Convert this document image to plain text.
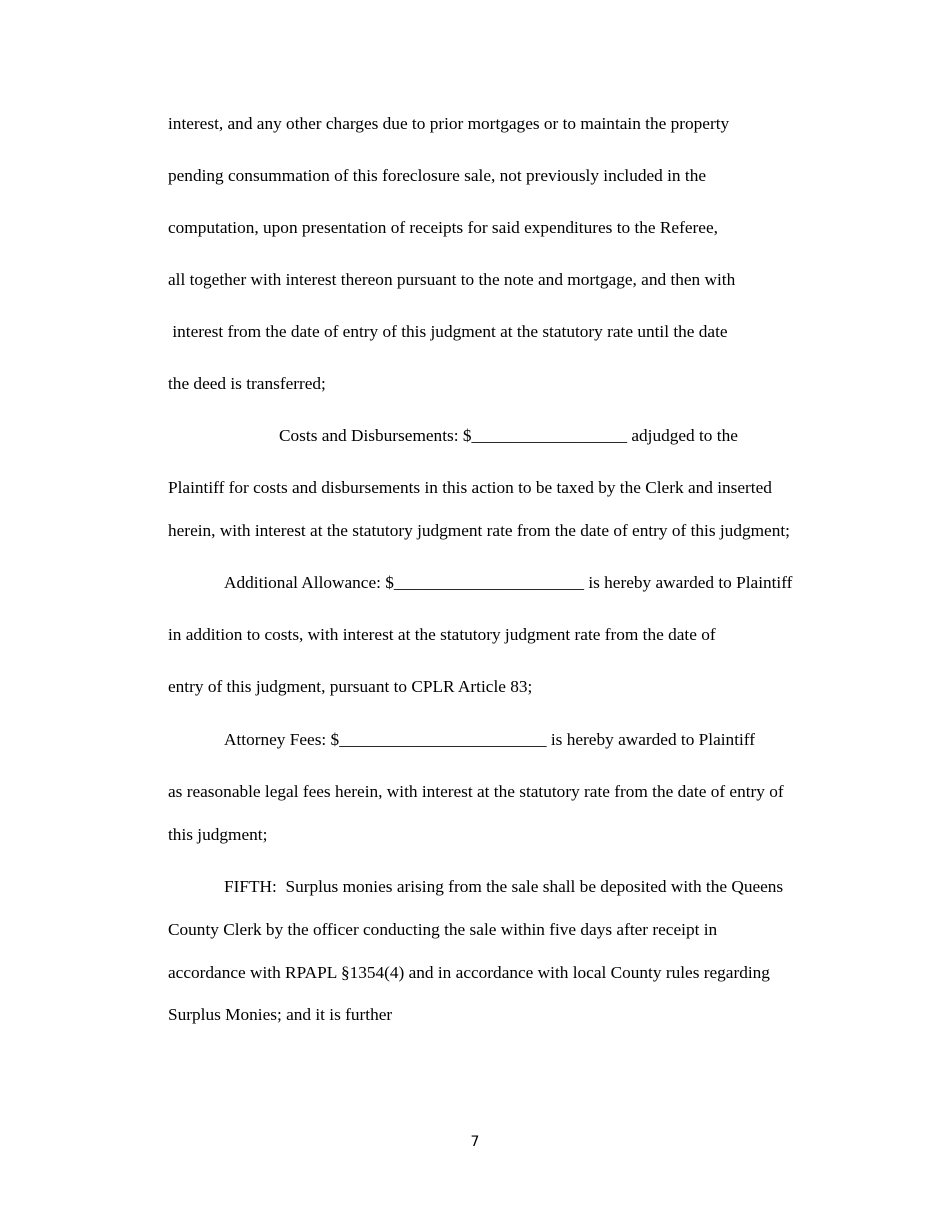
interest, and any other charges due to prior mortgages or to maintain the property

pending consummation of this foreclosure sale, not previously included in the

computation, upon presentation of receipts for said expenditures to the Referee,

all together with interest thereon pursuant to the note and mortgage, and then with

interest from the date of entry of this judgment at the statutory rate until the date

the deed is transferred;

Costs and Disbursements: $__________________ adjudged to the

Plaintiff for costs and disbursements in this action to be taxed by the Clerk and inserted

herein, with interest at the statutory judgment rate from the date of entry of this judgment;

Additional Allowance: $______________________ is hereby awarded to Plaintiff

in addition to costs, with interest at the statutory judgment rate from the date of

entry of this judgment, pursuant to CPLR Article 83;

Attorney Fees: $________________________ is hereby awarded to Plaintiff

as reasonable legal fees herein, with interest at the statutory rate from the date of entry of

this judgment;

FIFTH:  Surplus monies arising from the sale shall be deposited with the Queens

County Clerk by the officer conducting the sale within five days after receipt in

accordance with RPAPL §1354(4) and in accordance with local County rules regarding

Surplus Monies; and it is further

7
